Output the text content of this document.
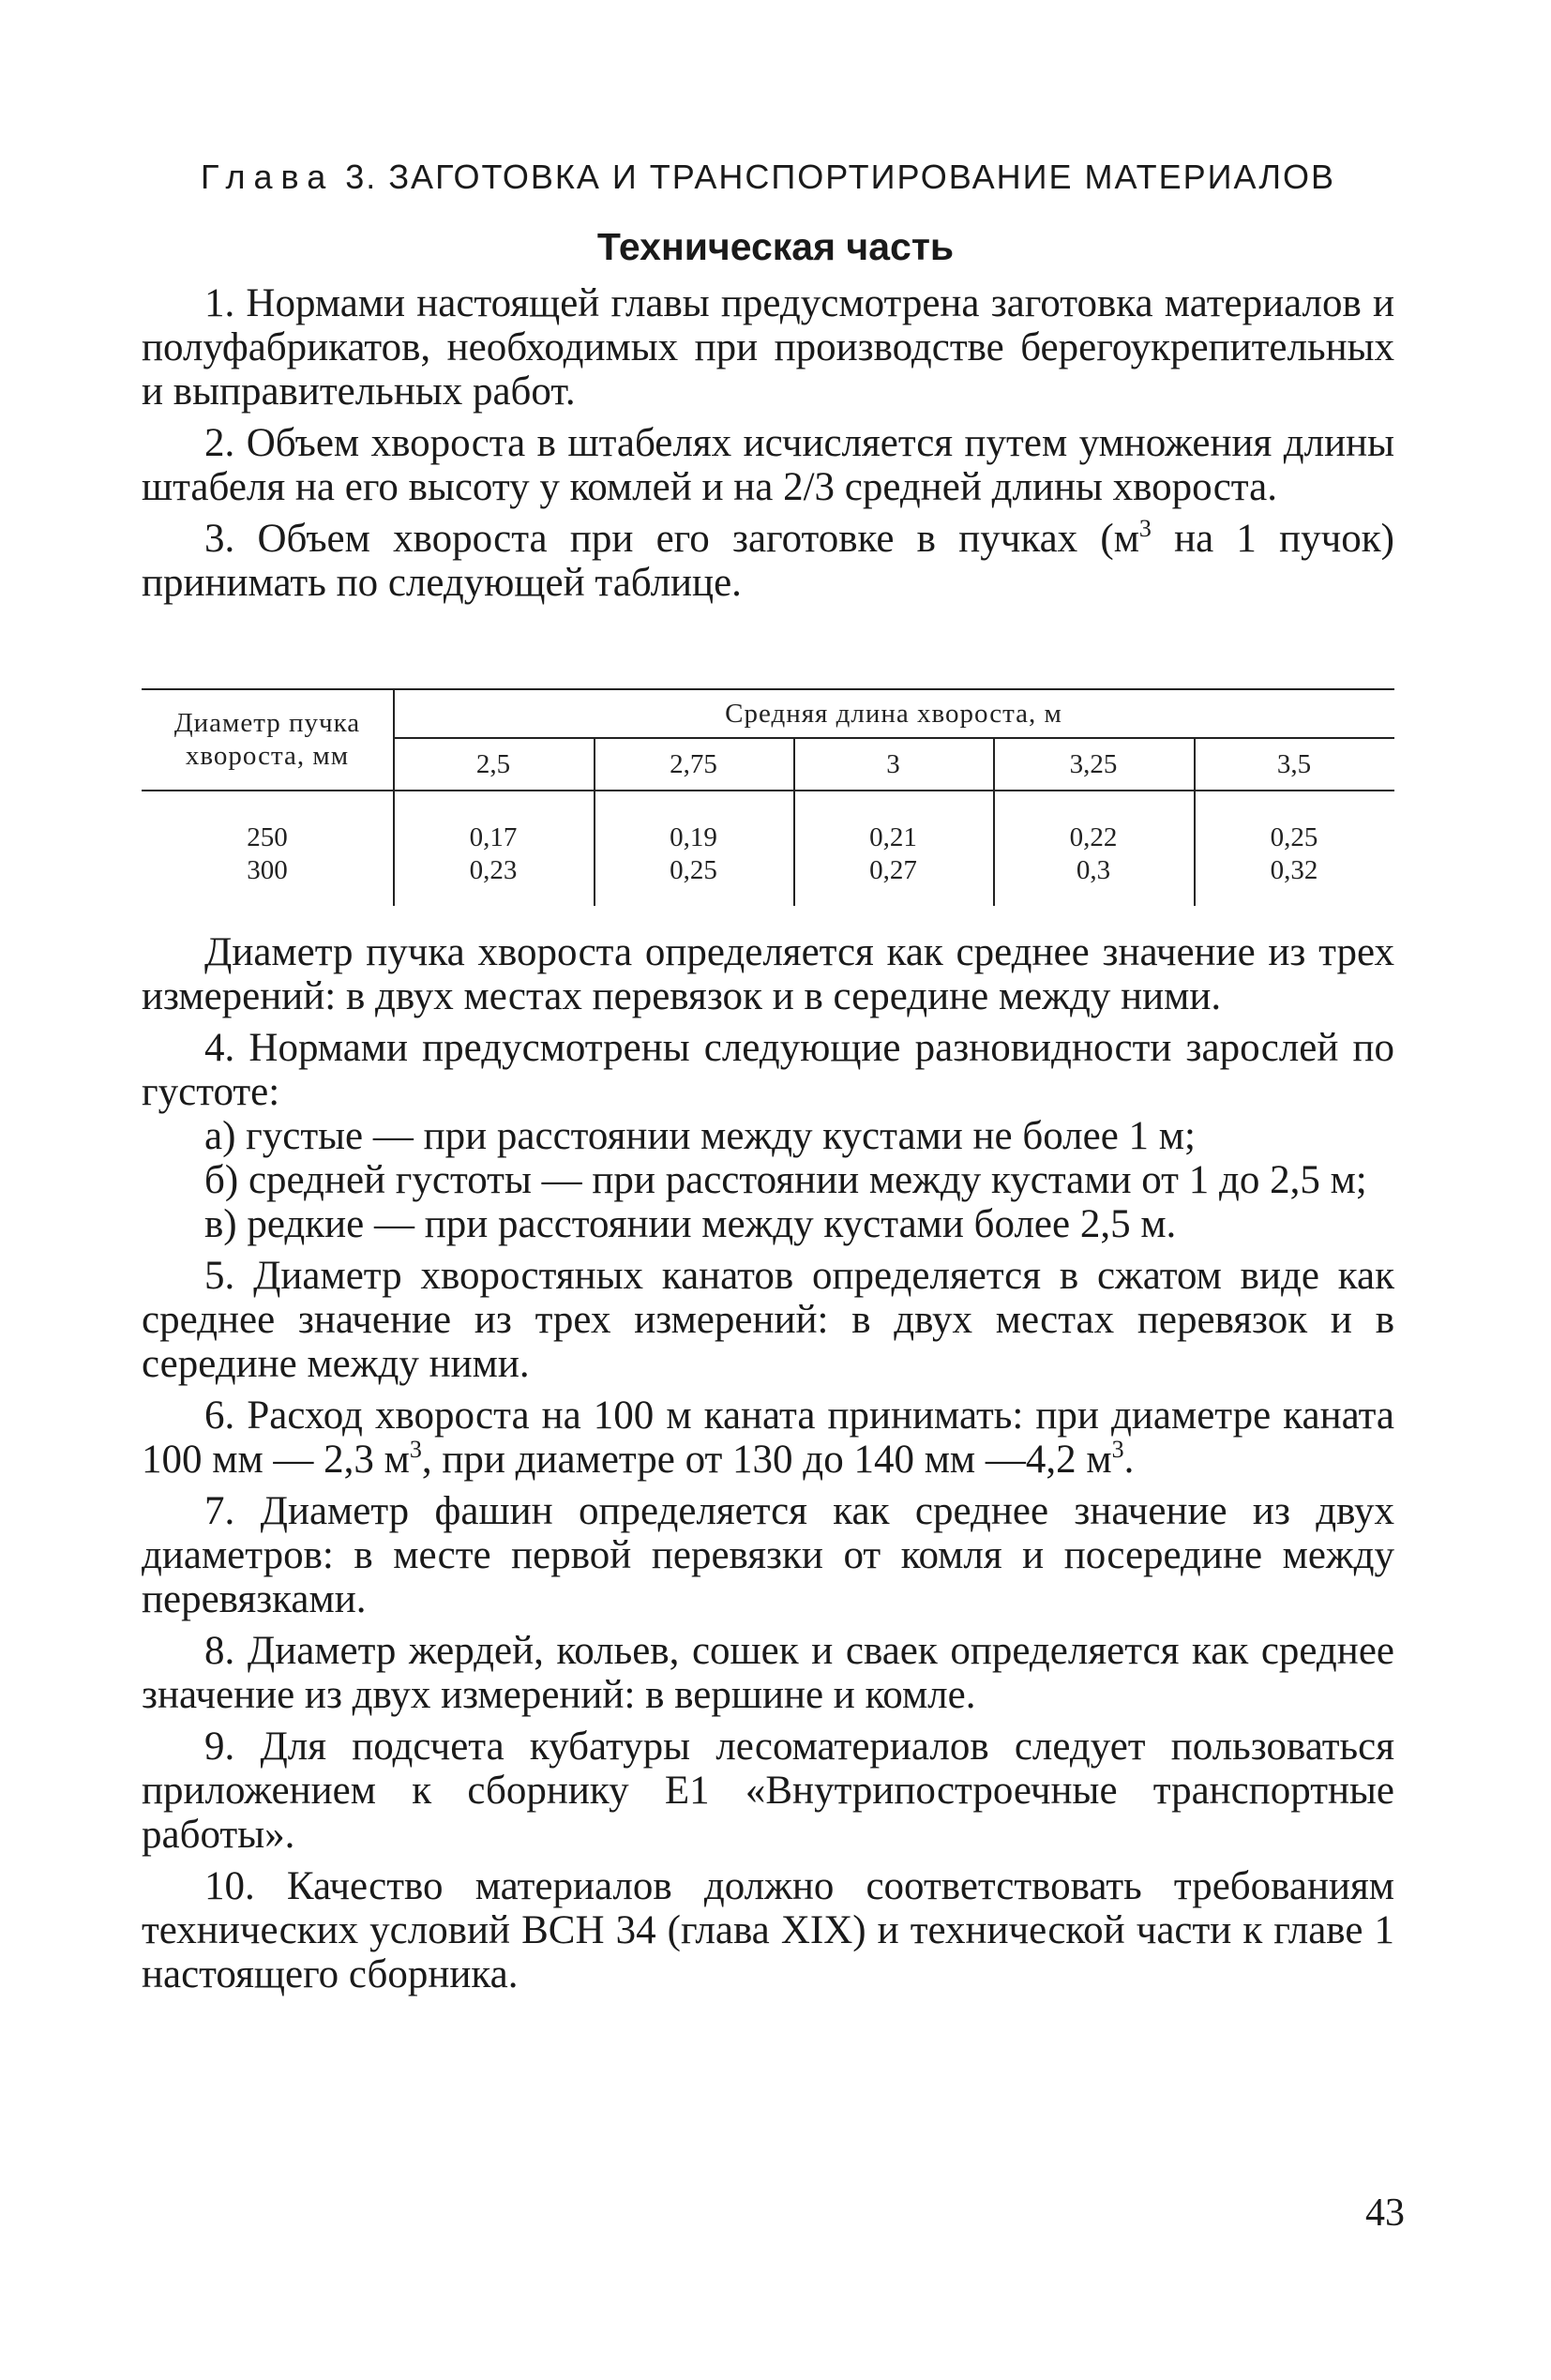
Глава 3. ЗАГОТОВКА И ТРАНСПОРТИРОВАНИЕ МАТЕРИАЛОВ
Техническая часть

1. Нормами настоящей главы предусмотрена заготовка материалов и полуфабрикатов, необходимых при производстве берегоукрепительных и выправительных работ.

2. Объем хвороста в штабелях исчисляется путем умножения длины штабеля на его высоту у комлей и на 2/3 средней длины хвороста.

3. Объем хвороста при его заготовке в пучках ($м^3$ на 1 пучок) принимать по следующей таблице.

Диаметр пучка хвороста, мм
Средняя длина хвороста, м
2,5	2,75	3	3,25	3,5
250	0,17	0,19	0,21	0,22	0,25
300	0,23	0,25	0,27	0,3	0,32

Диаметр пучка хвороста определяется как среднее значение из трех измерений: в двух местах перевязок и в середине между ними.

4. Нормами предусмотрены следующие разновидности зарослей по густоте:

а) густые — при расстоянии между кустами не более 1 м;

б) средней густоты — при расстоянии между кустами от 1 до 2,5 м;

в) редкие — при расстоянии между кустами более 2,5 м.

5. Диаметр хворостяных канатов определяется в сжатом виде как среднее значение из трех измерений: в двух местах перевязок и в середине между ними.

6. Расход хвороста на 100 м каната принимать: при диаметре каната 100 мм — 2,3 $м^3$, при диаметре от 130 до 140 мм —4,2 $м^3$.

7. Диаметр фашин определяется как среднее значение из двух диаметров: в месте первой перевязки от комля и посередине между перевязками.

8. Диаметр жердей, кольев, сошек и сваек определяется как среднее значение из двух измерений: в вершине и комле.

9. Для подсчета кубатуры лесоматериалов следует пользоваться приложением к сборнику Е1 «Внутрипостроечные транспортные работы».

10. Качество материалов должно соответствовать требованиям технических условий ВСН 34 (глава XIX) и технической части к главе 1 настоящего сборника.

43
